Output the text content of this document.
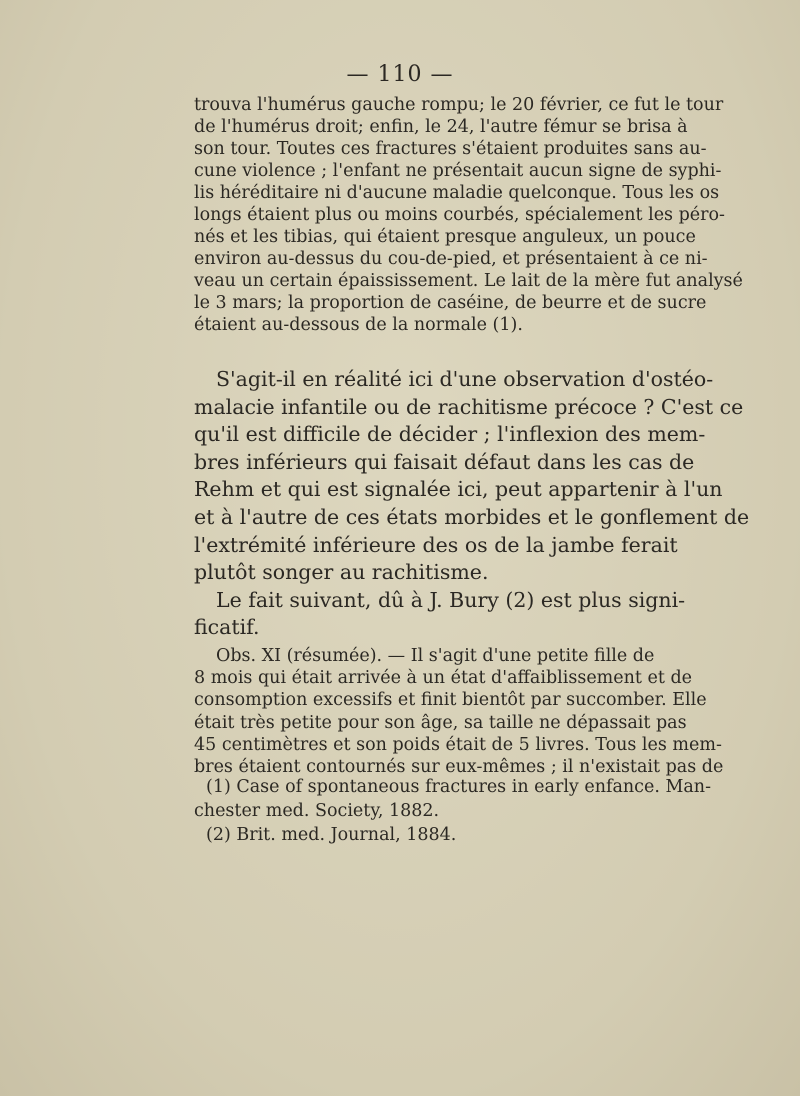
— 110 —
trouva l'humérus gauche rompu; le 20 février, ce fut le tour
de l'humérus droit; enfin, le 24, l'autre fémur se brisa à
son tour. Toutes ces fractures s'étaient produites sans au-
cune violence ; l'enfant ne présentait aucun signe de syphi-
lis héréditaire ni d'aucune maladie quelconque. Tous les os
longs étaient plus ou moins courbés, spécialement les péro-
nés et les tibias, qui étaient presque anguleux, un pouce
environ au-dessus du cou-de-pied, et présentaient à ce ni-
veau un certain épaississement. Le lait de la mère fut analysé
le 3 mars; la proportion de caséine, de beurre et de sucre
étaient au-dessous de la normale (1).
S'agit-il en réalité ici d'une observation d'ostéo-
malacie infantile ou de rachitisme précoce ? C'est ce
qu'il est difficile de décider ; l'inflexion des mem-
bres inférieurs qui faisait défaut dans les cas de
Rehm et qui est signalée ici, peut appartenir à l'un
et à l'autre de ces états morbides et le gonflement de
l'extrémité inférieure des os de la jambe ferait
plutôt songer au rachitisme.
Le fait suivant, dû à J. Bury (2) est plus signi-
ficatif.
Obs. XI (résumée). — Il s'agit d'une petite fille de
8 mois qui était arrivée à un état d'affaiblissement et de
consomption excessifs et finit bientôt par succomber. Elle
était très petite pour son âge, sa taille ne dépassait pas
45 centimètres et son poids était de 5 livres. Tous les mem-
bres étaient contournés sur eux-mêmes ; il n'existait pas de
(1) Case of spontaneous fractures in early enfance. Man-
chester med. Society, 1882.
(2) Brit. med. Journal, 1884.
